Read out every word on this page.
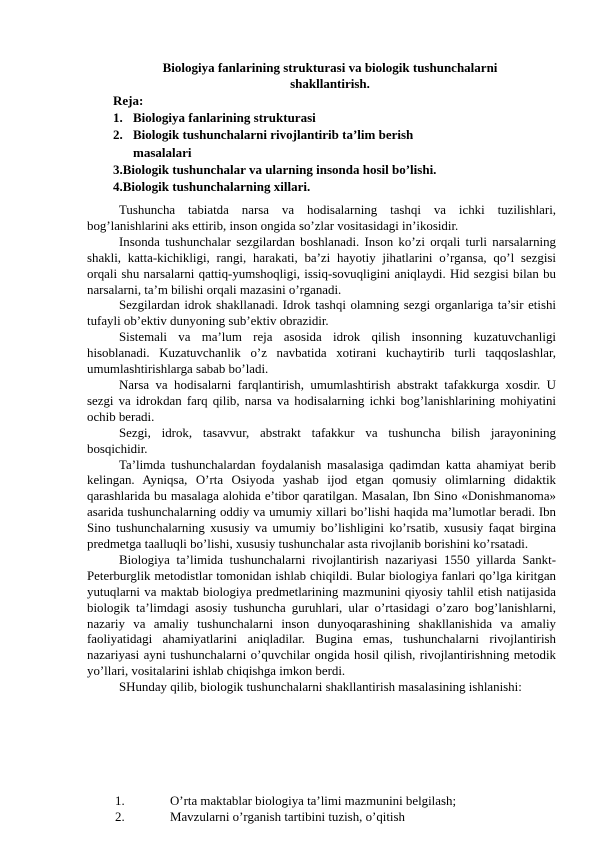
Biologiya fanlarining strukturasi va biologik tushunchalarni
shakllantirish.
Reja:
1. Biologiya fanlarining strukturasi
2. Biologik tushunchalarni rivojlantirib ta’lim berish
masalalari
3.Biologik tushunchalar va ularning insonda hosil bo’lishi.
4.Biologik tushunchalarning xillari.

Tushuncha tabiatda narsa va hodisalarning tashqi va ichki tuzilishlari, bog’lanishlarini aks ettirib, inson ongida so’zlar vositasidagi in’ikosidir.

Insonda tushunchalar sezgilardan boshlanadi. Inson ko’zi orqali turli narsalarning shakli, katta-kichikligi, rangi, harakati, ba’zi hayotiy jihatlarini o’rgansa, qo’l sezgisi orqali shu narsalarni qattiq-yumshoqligi, issiq-sovuqligini aniqlaydi. Hid sezgisi bilan bu narsalarni, ta’m bilishi orqali mazasini o’rganadi.

Sezgilardan idrok shakllanadi. Idrok tashqi olamning sezgi organlariga ta’sir etishi tufayli ob’ektiv dunyoning sub’ektiv obrazidir.

Sistemali va ma’lum reja asosida idrok qilish insonning kuzatuvchanligi hisoblanadi. Kuzatuvchanlik o’z navbatida xotirani kuchaytirib turli taqqoslashlar, umumlashtirishlarga sabab bo’ladi.

Narsa va hodisalarni farqlantirish, umumlashtirish abstrakt tafakkurga xosdir. U sezgi va idrokdan farq qilib, narsa va hodisalarning ichki bog’lanishlarining mohiyatini ochib beradi.

Sezgi, idrok, tasavvur, abstrakt tafakkur va tushuncha bilish jarayonining bosqichidir.

Ta’limda tushunchalardan foydalanish masalasiga qadimdan katta ahamiyat berib kelingan. Ayniqsa, O’rta Osiyoda yashab ijod etgan qomusiy olimlarning didaktik qarashlarida bu masalaga alohida e’tibor qaratilgan. Masalan, Ibn Sino «Donishmanoma» asarida tushunchalarning oddiy va umumiy xillari bo’lishi haqida ma’lumotlar beradi. Ibn Sino tushunchalarning xususiy va umumiy bo’lishligini ko’rsatib, xususiy faqat birgina predmetga taalluqli bo’lishi, xususiy tushunchalar asta rivojlanib borishini ko’rsatadi.

Biologiya ta’limida tushunchalarni rivojlantirish nazariyasi 1550 yillarda Sankt-Peterburglik metodistlar tomonidan ishlab chiqildi. Bular biologiya fanlari qo’lga kiritgan yutuqlarni va maktab biologiya predmetlarining mazmunini qiyosiy tahlil etish natijasida biologik ta’limdagi asosiy tushuncha guruhlari, ular o’rtasidagi o’zaro bog’lanishlarni, nazariy va amaliy tushunchalarni inson dunyoqarashining shakllanishida va amaliy faoliyatidagi ahamiyatlarini aniqladilar. Bugina emas, tushunchalarni rivojlantirish nazariyasi ayni tushunchalarni o’quvchilar ongida hosil qilish, rivojlantirishning metodik yo’llari, vositalarini ishlab chiqishga imkon berdi.

SHunday qilib, biologik tushunchalarni shakllantirish masalasining ishlanishi:

1.	O’rta maktablar biologiya ta’limi mazmunini belgilash;
2.	Mavzularni o’rganish tartibini tuzish, o’qitish
